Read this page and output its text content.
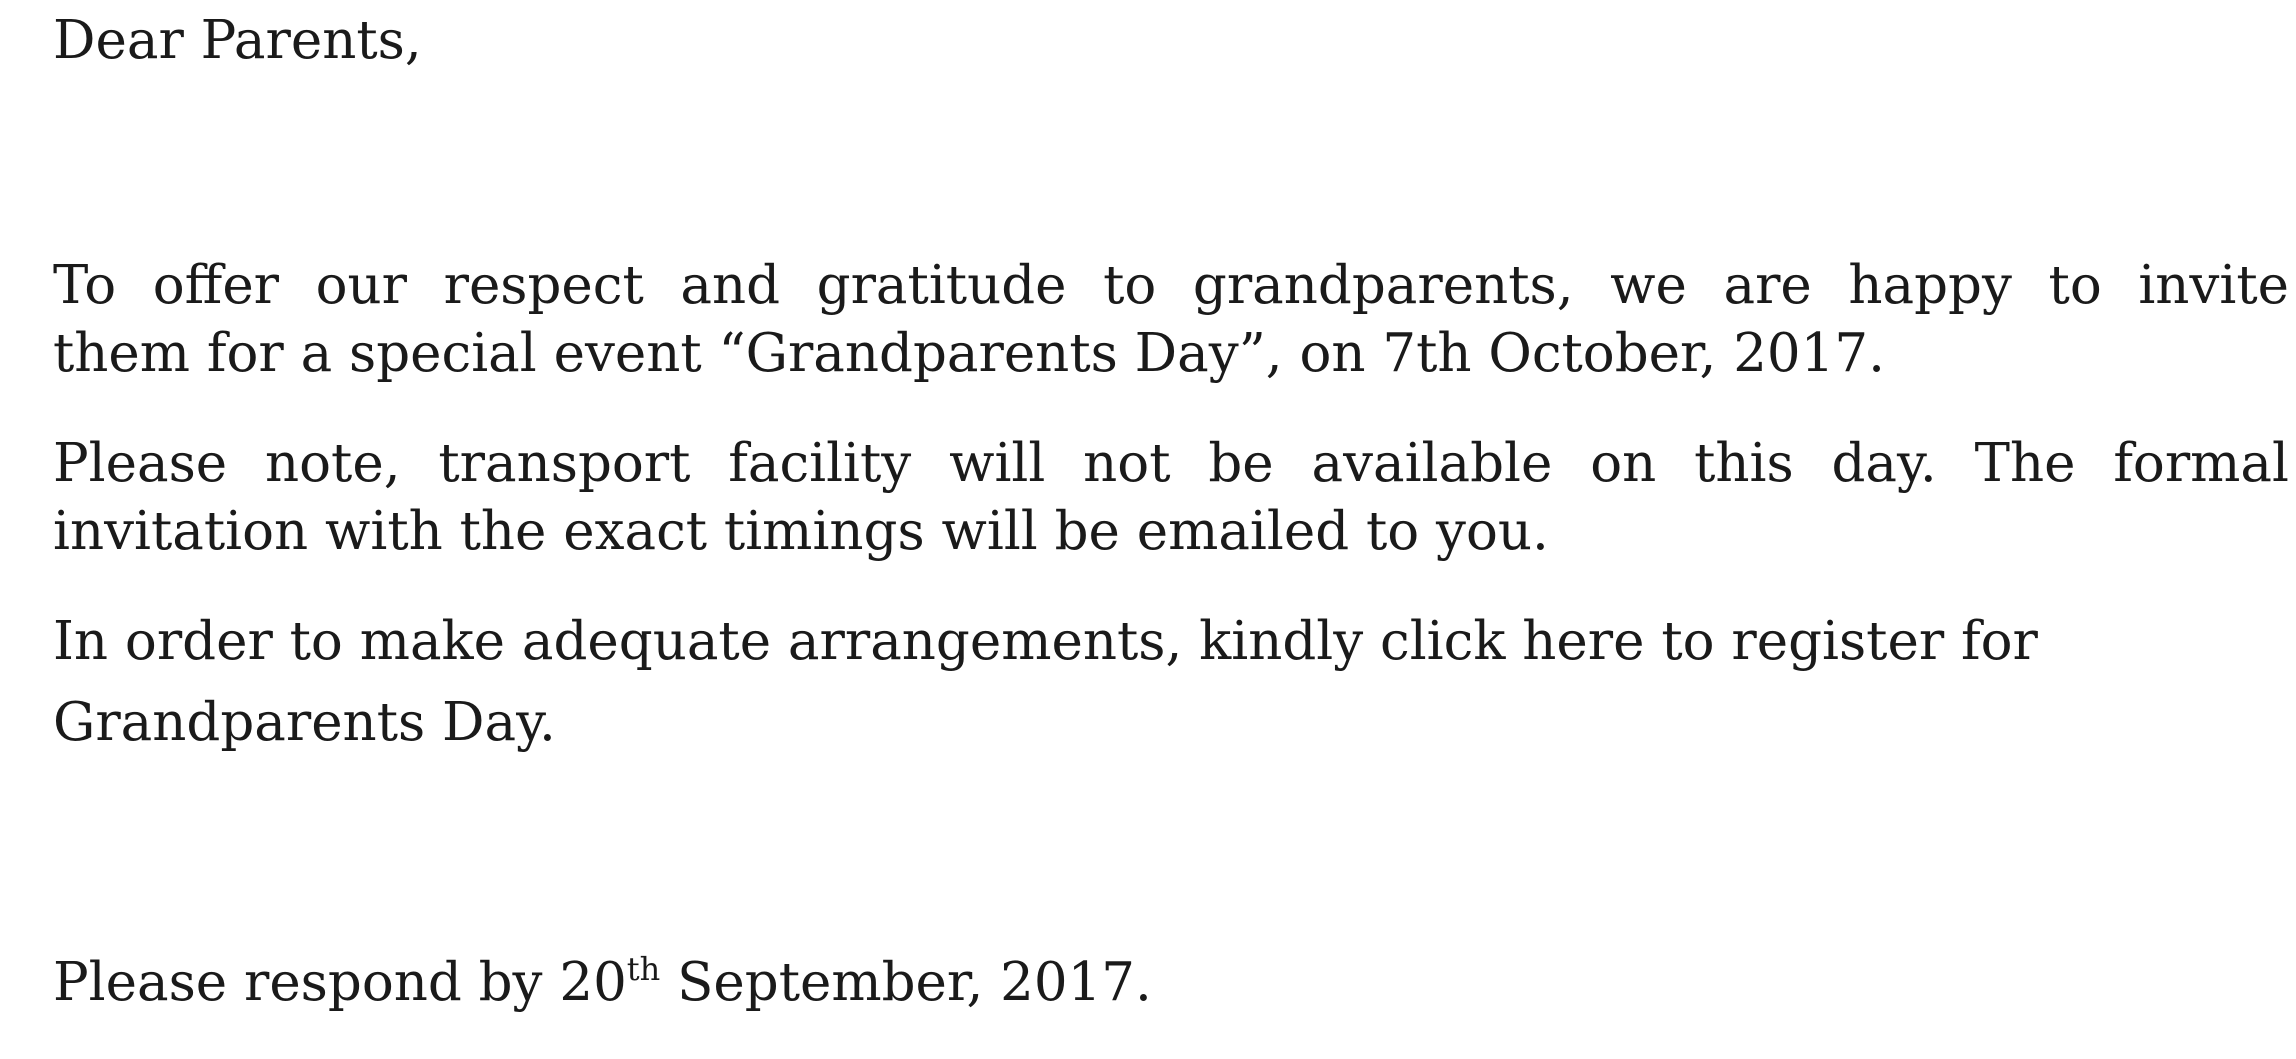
Dear Parents,
To offer our respect and gratitude to grandparents, we are happy to invite
them for a special event “Grandparents Day”, on 7th October, 2017.
Please note, transport facility will not be available on this day. The formal
invitation with the exact timings will be emailed to you.
In order to make adequate arrangements, kindly click here to register for
Grandparents Day.
Please respond by 20th September, 2017.
